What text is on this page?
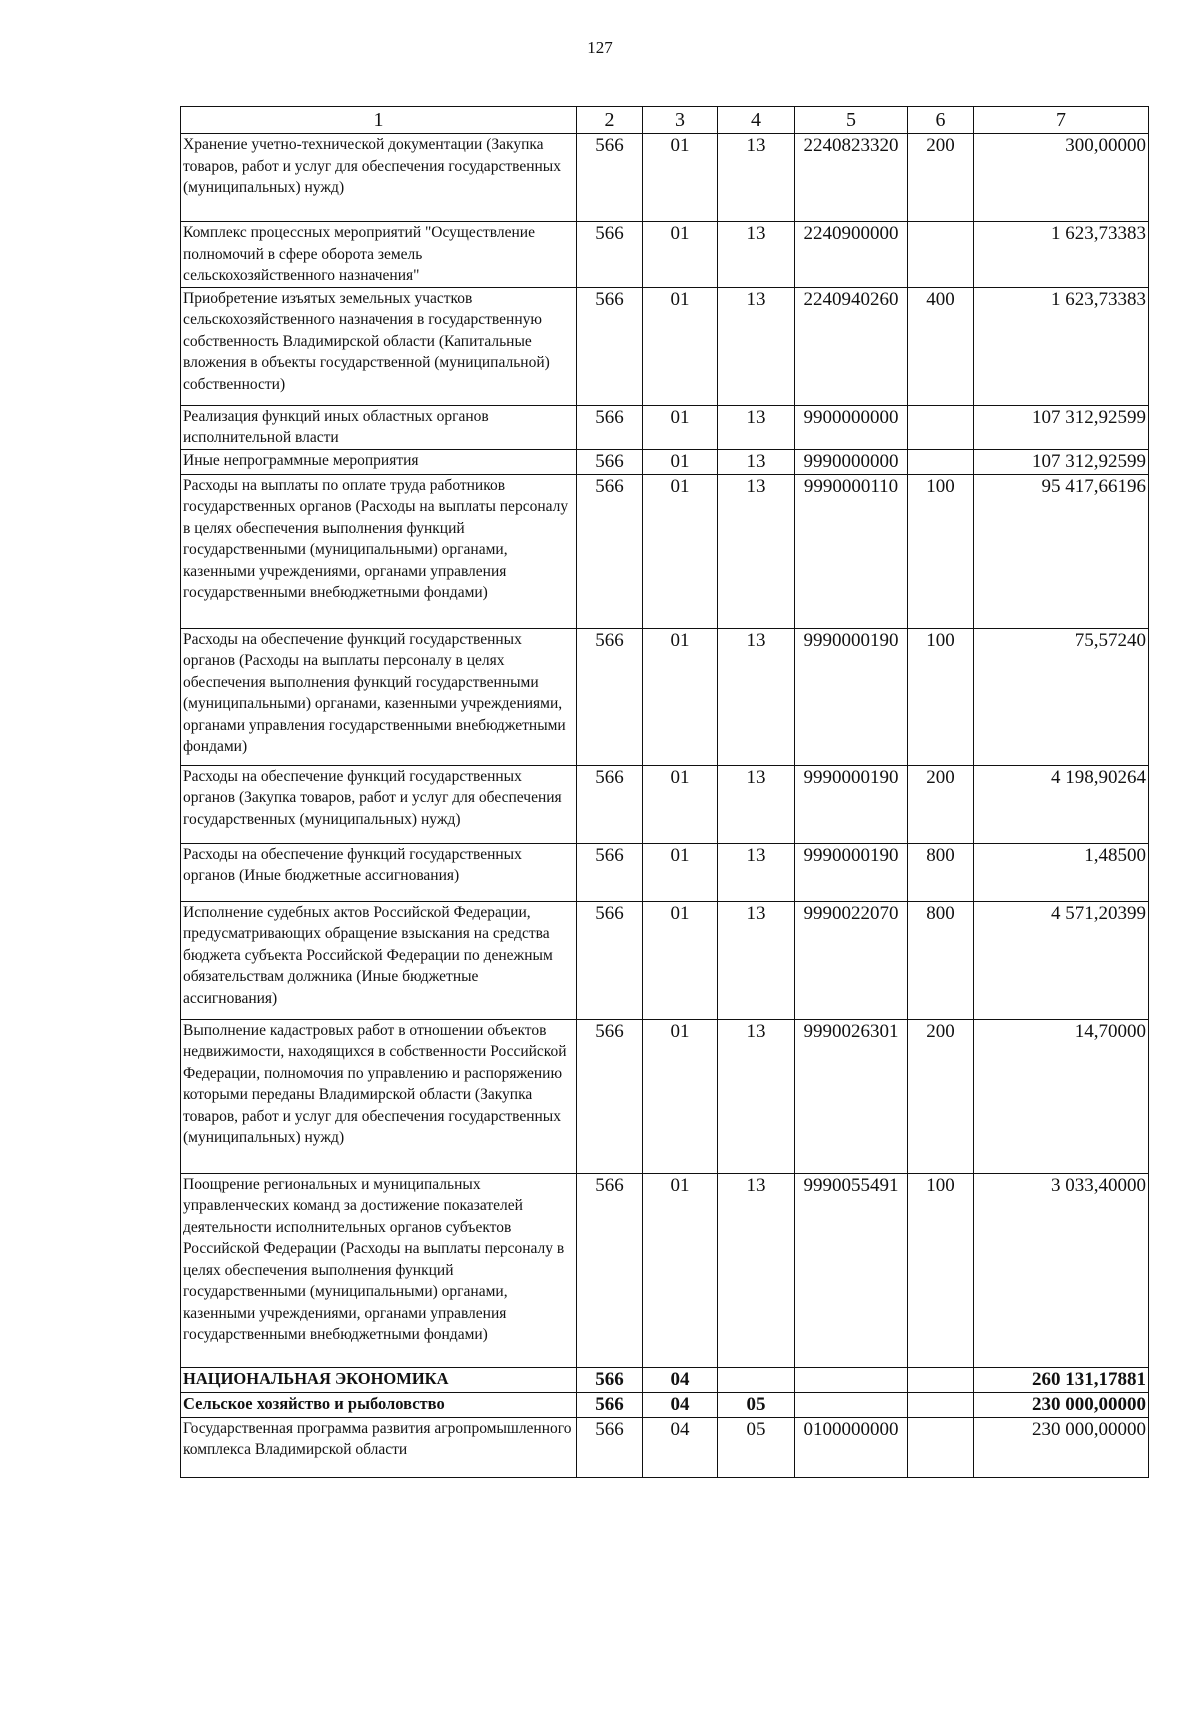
127
1	2	3	4	5	6	7
Хранение учетно-технической документации (Закупка товаров, работ и услуг для обеспечения государственных (муниципальных) нужд)	566	01	13	2240823320	200	300,00000
Комплекс процессных мероприятий "Осуществление полномочий в сфере оборота земель сельскохозяйственного назначения"	566	01	13	2240900000		1 623,73383
Приобретение изъятых земельных участков сельскохозяйственного назначения в государственную собственность Владимирской области (Капитальные вложения в объекты государственной (муниципальной) собственности)	566	01	13	2240940260	400	1 623,73383
Реализация функций иных областных органов исполнительной власти	566	01	13	9900000000		107 312,92599
Иные непрограммные мероприятия	566	01	13	9990000000		107 312,92599
Расходы на выплаты по оплате труда работников государственных органов (Расходы на выплаты персоналу в целях обеспечения выполнения функций государственными (муниципальными) органами, казенными учреждениями, органами управления государственными внебюджетными фондами)	566	01	13	9990000110	100	95 417,66196
Расходы на обеспечение функций государственных органов (Расходы на выплаты персоналу в целях обеспечения выполнения функций государственными (муниципальными) органами, казенными учреждениями, органами управления государственными внебюджетными фондами)	566	01	13	9990000190	100	75,57240
Расходы на обеспечение функций государственных органов (Закупка товаров, работ и услуг для обеспечения государственных (муниципальных) нужд)	566	01	13	9990000190	200	4 198,90264
Расходы на обеспечение функций государственных органов (Иные бюджетные ассигнования)	566	01	13	9990000190	800	1,48500
Исполнение судебных актов Российской Федерации, предусматривающих обращение взыскания на средства бюджета субъекта Российской Федерации по денежным обязательствам должника (Иные бюджетные ассигнования)	566	01	13	9990022070	800	4 571,20399
Выполнение кадастровых работ в отношении объектов недвижимости, находящихся в собственности Российской Федерации, полномочия по управлению и распоряжению которыми переданы Владимирской области (Закупка товаров, работ и услуг для обеспечения государственных (муниципальных) нужд)	566	01	13	9990026301	200	14,70000
Поощрение региональных и муниципальных управленческих команд за достижение показателей деятельности исполнительных органов субъектов Российской Федерации (Расходы на выплаты персоналу в целях обеспечения выполнения функций государственными (муниципальными) органами, казенными учреждениями, органами управления государственными внебюджетными фондами)	566	01	13	9990055491	100	3 033,40000
НАЦИОНАЛЬНАЯ ЭКОНОМИКА	566	04				260 131,17881
Сельское хозяйство и рыболовство	566	04	05			230 000,00000
Государственная программа развития агропромышленного комплекса Владимирской области	566	04	05	0100000000		230 000,00000
